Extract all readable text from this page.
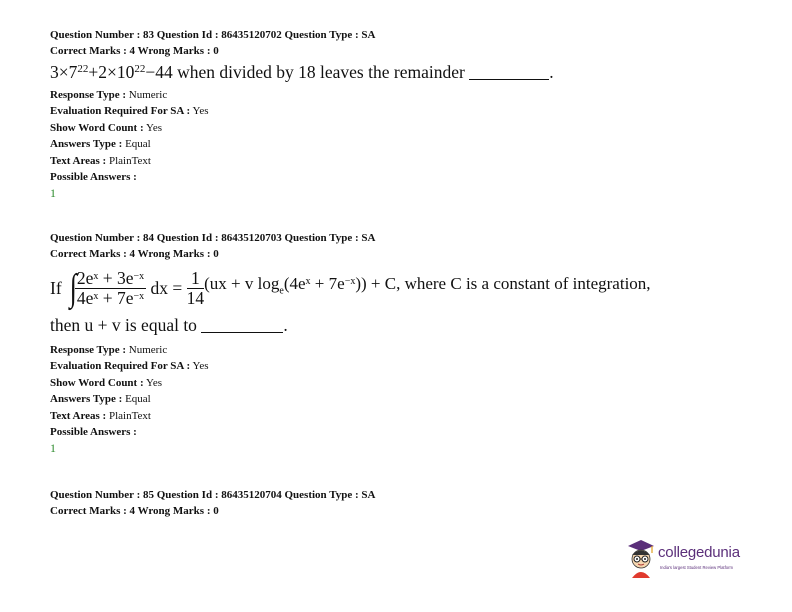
Question Number : 83 Question Id : 86435120702 Question Type : SA
Correct Marks : 4 Wrong Marks : 0
$3\times 7^{22}+2\times 10^{22}-44$ when divided by 18 leaves the remainder	.
Response Type : Numeric
Evaluation Required For SA : Yes
Show Word Count : Yes
Answers Type : Equal
Text Areas : PlainText
Possible Answers :
1
Question Number : 84 Question Id : 86435120703 Question Type : SA
Correct Marks : 4 Wrong Marks : 0
If
∫
$\frac{2e^x + 3e^{-x}}{4e^x + 7e^{-x}}$
dx =
$\frac{1}{14} (ux + v$ $\log_e(4e^x + 7e^{-x})) + C$, where C is a constant of integration,
then u + v is equal to	.
Response Type : Numeric
Evaluation Required For SA : Yes
Show Word Count : Yes
Answers Type : Equal
Text Areas : PlainText
Possible Answers :
1
Question Number : 85 Question Id : 86435120704 Question Type : SA
Correct Marks : 4 Wrong Marks : 0
collegedunia
India's largest Student Review Platform
